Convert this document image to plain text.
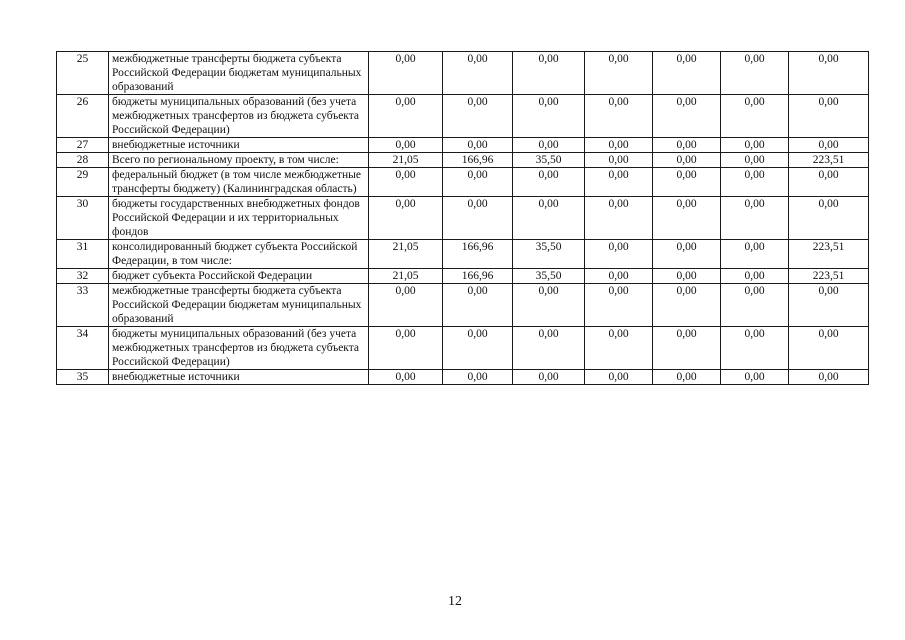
25	межбюджетные трансферты бюджета субъекта Российской Федерации бюджетам муниципальных образований	0,00	0,00	0,00	0,00	0,00	0,00	0,00
26	бюджеты муниципальных образований (без учета межбюджетных трансфертов из бюджета субъекта Российской Федерации)	0,00	0,00	0,00	0,00	0,00	0,00	0,00
27	внебюджетные источники	0,00	0,00	0,00	0,00	0,00	0,00	0,00
28	Всего по региональному проекту, в том числе:	21,05	166,96	35,50	0,00	0,00	0,00	223,51
29	федеральный бюджет (в том числе межбюджетные трансферты бюджету) (Калининградская область)	0,00	0,00	0,00	0,00	0,00	0,00	0,00
30	бюджеты государственных внебюджетных фондов Российской Федерации и их территориальных фондов	0,00	0,00	0,00	0,00	0,00	0,00	0,00
31	консолидированный бюджет субъекта Российской Федерации, в том числе:	21,05	166,96	35,50	0,00	0,00	0,00	223,51
32	бюджет субъекта Российской Федерации	21,05	166,96	35,50	0,00	0,00	0,00	223,51
33	межбюджетные трансферты бюджета субъекта Российской Федерации бюджетам муниципальных образований	0,00	0,00	0,00	0,00	0,00	0,00	0,00
34	бюджеты муниципальных образований (без учета межбюджетных трансфертов из бюджета субъекта Российской Федерации)	0,00	0,00	0,00	0,00	0,00	0,00	0,00
35	внебюджетные источники	0,00	0,00	0,00	0,00	0,00	0,00	0,00
12
